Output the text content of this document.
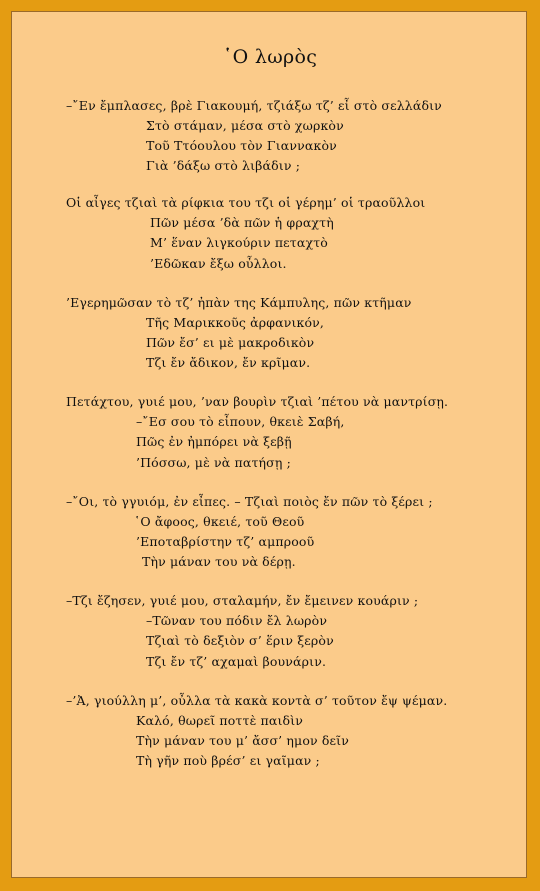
῾Ο λωρὸς
–῎Εν ἔμπλασες, βρὲ Γιακουμή, τζιάξω τζ’ εἶ στὸ σελλάδιν
Στὸ στάμαν, μέσα στὸ χωρκὸν
Τοῦ Ττόουλου τὸν Γιαννακὸν
Γιὰ ’δάξω στὸ λιβάδιν ;
Οἱ αἶγες τζιαὶ τὰ ρίφκια του τζι οἱ γέρημ’ οἱ τραοῦλλοι
Πῶν μέσα ’δὰ πῶν ἡ φραχτὴ
Μ’ ἕναν λιγκούριν πεταχτὸ
’Εδῶκαν ἔξω οὖλλοι.
’Εγερημῶσαν τὸ τζ’ ἠπὰν της Κάμπυλης, πῶν κτῆμαν
Τῆς Μαρικκοῦς ἀρφανικόν,
Πῶν ἔσ’ ει μὲ μακροδικὸν
Τζι ἔν ἄδικον, ἔν κρῖμαν.
Πετάχτου, γυιέ μου, ’ναν βουρὶν τζιαὶ ’πέτου νὰ μαντρίσῃ.
–῎Εσ σου τὸ εἶπουν, θκειὲ Σαβή,
Πῶς ἐν ἠμπόρει νὰ ξεβῇ
’Πόσσω, μὲ νὰ πατήσῃ ;
–῎Οι, τὸ γγυιόμ, ἐν εἶπες. – Τζιαὶ ποιὸς ἔν πῶν τὸ ξέρει ;
῾Ο ἄφοος, θκειέ, τοῦ Θεοῦ
’Εποταβρίστην τζ’ αμπροοῦ
Τὴν μάναν του νὰ δέρῃ.
–Τζι ἔζησεν, γυιέ μου, σταλαμήν, ἔν ἔμεινεν κουάριν ;
–Τῶναν του πόδιν ἔλ λωρὸν
Τζιαὶ τὸ δεξιὸν σ’ ἕριν ξερὸν
Τζι ἔν τζ’ αχαμαὶ βουνάριν.
–’Ἀ, γιούλλη μ’, οὖλλα τὰ κακὰ κοντὰ σ’ τοῦτον ἔψ ψέμαν.
Καλό, θωρεῖ ποττὲ παιδὶν
Τὴν μάναν του μ’ ἄσσ’ ημον δεῖν
Τὴ γῆν ποὺ βρέσ’ ει γαῖμαν ;
